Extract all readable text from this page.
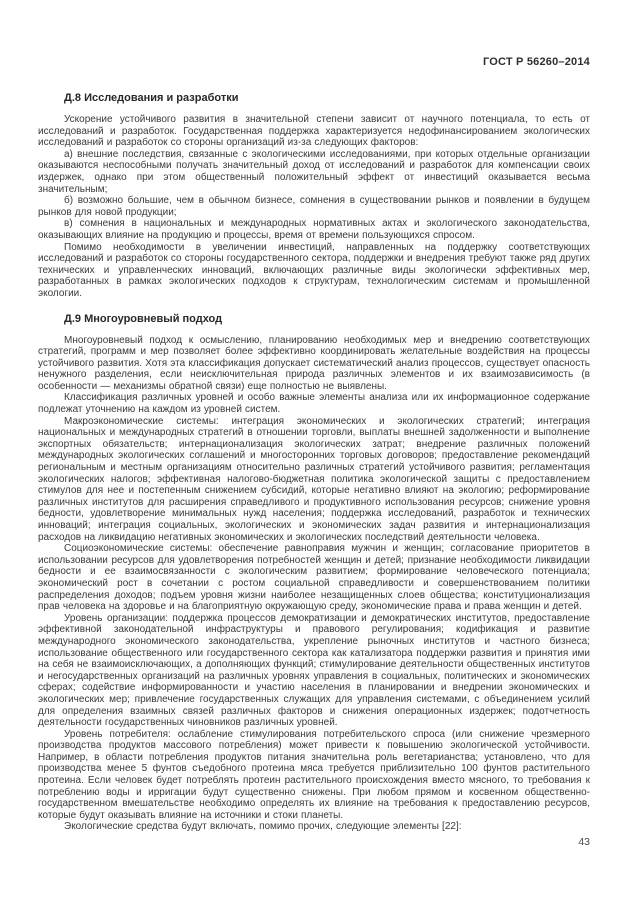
ГОСТ Р 56260–2014
Д.8 Исследования и разработки

Ускорение устойчивого развития в значительной степени зависит от научного потенциала, то есть от исследований и разработок. Государственная поддержка характеризуется недофинансированием экологических исследований и разработок со стороны организаций из-за следующих факторов:

а) внешние последствия, связанные с экологическими исследованиями, при которых отдельные организации оказываются неспособными получать значительный доход от исследований и разработок для компенсации своих издержек, однако при этом общественный положительный эффект от инвестиций оказывается весьма значительным;

б) возможно большие, чем в обычном бизнесе, сомнения в существовании рынков и появлении в будущем рынков для новой продукции;

в) сомнения в национальных и международных нормативных актах и экологического законодательства, оказывающих влияние на продукцию и процессы, время от времени пользующихся спросом.

Помимо необходимости в увеличении инвестиций, направленных на поддержку соответствующих исследований и разработок со стороны государственного сектора, поддержки и внедрения требуют также ряд других технических и управленческих инноваций, включающих различные виды экологически эффективных мер, разработанных в рамках экологических подходов к структурам, технологическим системам и промышленной экологии.

Д.9 Многоуровневый подход

Многоуровневый подход к осмыслению, планированию необходимых мер и внедрению соответствующих стратегий, программ и мер позволяет более эффективно координировать желательные воздействия на процессы устойчивого развития. Хотя эта классификация допускает систематический анализ процессов, существует опасность ненужного разделения, если неисключительная природа различных элементов и их взаимозависимость (в особенности — механизмы обратной связи) еще полностью не выявлены.

Классификация различных уровней и особо важные элементы анализа или их информационное содержание подлежат уточнению на каждом из уровней систем.

Макроэкономические системы: интеграция экономических и экологических стратегий; интеграция национальных и международных стратегий в отношении торговли, выплаты внешней задолженности и выполнение экспортных обязательств; интернационализация экологических затрат; внедрение различных положений международных экологических соглашений и многосторонних торговых договоров; предоставление рекомендаций региональным и местным организациям относительно различных стратегий устойчивого развития; регламентация экологических налогов; эффективная налогово-бюджетная политика экологической защиты с предоставлением стимулов для нее и постепенным снижением субсидий, которые негативно влияют на экологию; реформирование различных институтов для расширения справедливого и продуктивного использования ресурсов; снижение уровня бедности, удовлетворение минимальных нужд населения; поддержка исследований, разработок и технических инноваций; интеграция социальных, экологических и экономических задач развития и интернационализация расходов на ликвидацию негативных экономических и экологических последствий деятельности человека.

Социоэкономические системы: обеспечение равноправия мужчин и женщин; согласование приоритетов в использовании ресурсов для удовлетворения потребностей женщин и детей; признание необходимости ликвидации бедности и ее взаимосвязанности с экологическим развитием; формирование человеческого потенциала; экономический рост в сочетании с ростом социальной справедливости и совершенствованием политики распределения доходов; подъем уровня жизни наиболее незащищенных слоев общества; конституционализация прав человека на здоровье и на благоприятную окружающую среду, экономические права и права женщин и детей.

Уровень организации: поддержка процессов демократизации и демократических институтов, предоставление эффективной законодательной инфраструктуры и правового регулирования; кодификация и развитие международного экономического законодательства, укрепление рыночных институтов и частного бизнеса; использование общественного или государственного сектора как катализатора поддержки развития и принятия ими на себя не взаимоисключающих, а дополняющих функций; стимулирование деятельности общественных институтов и негосударственных организаций на различных уровнях управления в социальных, политических и экономических сферах; содействие информированности и участию населения в планировании и внедрении экономических и экологических мер; привлечение государственных служащих для управления системами, с объединением усилий для определения взаимных связей различных факторов и снижения операционных издержек; подотчетность деятельности государственных чиновников различных уровней.

Уровень потребителя: ослабление стимулирования потребительского спроса (или снижение чрезмерного производства продуктов массового потребления) может привести к повышению экологической устойчивости. Например, в области потребления продуктов питания значительна роль вегетарианства; установлено, что для производства менее 5 фунтов съедобного протеина мяса требуется приблизительно 100 фунтов растительного протеина. Если человек будет потреблять протеин растительного происхождения вместо мясного, то требования к потреблению воды и ирригации будут существенно снижены. При любом прямом и косвенном общественно-государственном вмешательстве необходимо определять их влияние на требования к предоставлению ресурсов, которые будут оказывать влияние на источники и стоки планеты.

Экологические средства будут включать, помимо прочих, следующие элементы [22]:

43
